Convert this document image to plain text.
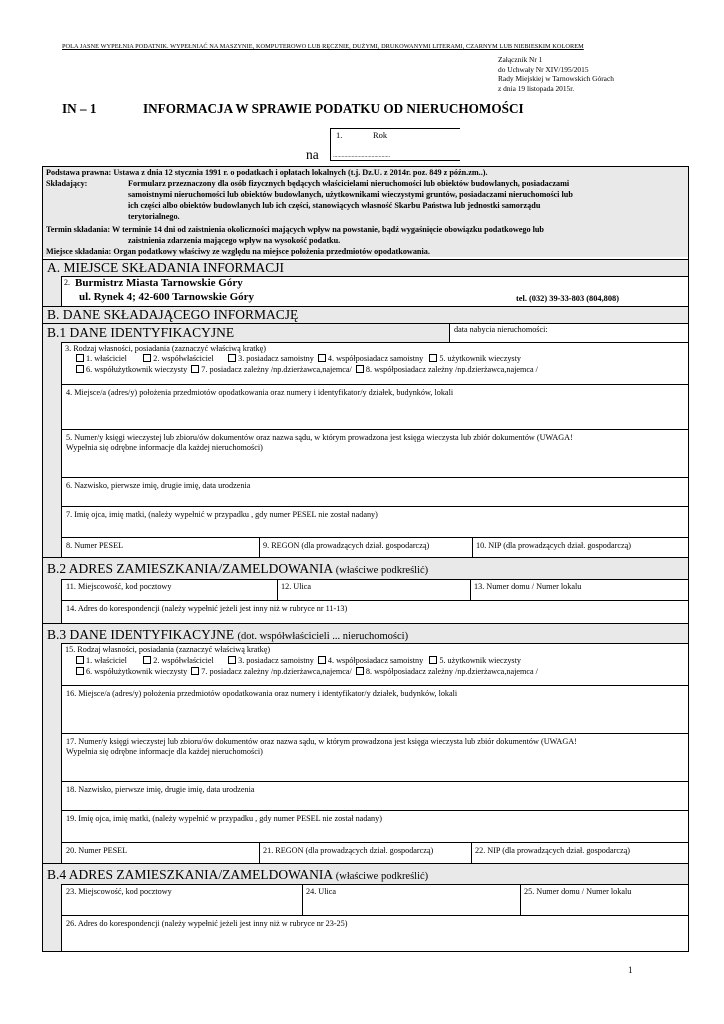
POLA JASNE WYPEŁNIA PODATNIK. WYPEŁNIAĆ NA MASZYNIE, KOMPUTEROWO LUB RĘCZNIE, DUŻYMI, DRUKOWANYMI LITERAMI, CZARNYM LUB NIEBIESKIM KOLOREM
Załącznik Nr 1
do Uchwały Nr XIV/195/2015
Rady Miejskiej w Tarnowskich Górach
z dnia 19 listopada 2015r.
IN – 1	INFORMACJA W SPRAWIE PODATKU OD NIERUCHOMOŚCI
1.	Rok
........................................
na
Podstawa prawna: Ustawa z dnia 12 stycznia 1991 r. o podatkach i opłatach lokalnych (t.j. Dz.U. z 2014r. poz. 849 z późn.zm..).
Składający:	Formularz przeznaczony dla osób fizycznych będących właścicielami nieruchomości lub obiektów budowlanych, posiadaczami
samoistnymi nieruchomości lub obiektów budowlanych, użytkownikami wieczystymi gruntów, posiadaczami nieruchomości lub
ich części albo obiektów budowlanych lub ich części, stanowiących własność Skarbu Państwa lub jednostki samorządu
terytorialnego.
Termin składania: W terminie 14 dni od zaistnienia okoliczności mających wpływ na powstanie, bądź wygaśnięcie obowiązku podatkowego lub
zaistnienia zdarzenia mającego wpływ na wysokość podatku.
Miejsce składania: Organ podatkowy właściwy ze względu na miejsce położenia przedmiotów opodatkowania.
A. MIEJSCE SKŁADANIA INFORMACJI
2. Burmistrz Miasta Tarnowskie Góry
ul. Rynek 4; 42-600 Tarnowskie Góry	tel. (032) 39-33-803 (804,808)
B. DANE SKŁADAJĄCEGO INFORMACJĘ
B.1 DANE IDENTYFIKACYJNE	data nabycia nieruchomości:
3. Rodzaj własności, posiadania (zaznaczyć właściwą kratkę)
1. właściciel	2. współwłaściciel	3. posiadacz samoistny 4. współposiadacz samoistny 5. użytkownik wieczysty
6. współużytkownik wieczysty 7. posiadacz zależny /np.dzierżawca,najemca/ 8. współposiadacz zależny /np.dzierżawca,najemca /
4. Miejsce/a (adres/y) położenia przedmiotów opodatkowania oraz numery i identyfikator/y działek, budynków, lokali
5. Numer/y księgi wieczystej lub zbioru/ów dokumentów oraz nazwa sądu, w którym prowadzona jest księga wieczysta lub zbiór dokumentów (UWAGA!
Wypełnia się odrębne informacje dla każdej nieruchomości)
6. Nazwisko, pierwsze imię, drugie imię, data urodzenia
7. Imię ojca, imię matki, (należy wypełnić w przypadku , gdy numer PESEL nie został nadany)
8. Numer PESEL	9. REGON (dla prowadzących dział. gospodarczą)	10. NIP (dla prowadzących dział. gospodarczą)
B.2 ADRES ZAMIESZKANIA/ZAMELDOWANIA (właściwe podkreślić)
11. Miejscowość, kod pocztowy	12. Ulica	13. Numer domu / Numer lokalu
14. Adres do korespondencji (należy wypełnić jeżeli jest inny niż w rubryce nr 11-13)
B.3 DANE IDENTYFIKACYJNE (dot. współwłaścicieli ... nieruchomości)
15. Rodzaj własności, posiadania (zaznaczyć właściwą kratkę)
1. właściciel	2. współwłaściciel	3. posiadacz samoistny 4. współposiadacz samoistny 5. użytkownik wieczysty
6. współużytkownik wieczysty 7. posiadacz zależny /np.dzierżawca,najemca/ 8. współposiadacz zależny /np.dzierżawca,najemca /
16. Miejsce/a (adres/y) położenia przedmiotów opodatkowania oraz numery i identyfikator/y działek, budynków, lokali
17. Numer/y księgi wieczystej lub zbioru/ów dokumentów oraz nazwa sądu, w którym prowadzona jest księga wieczysta lub zbiór dokumentów (UWAGA!
Wypełnia się odrębne informacje dla każdej nieruchomości)
18. Nazwisko, pierwsze imię, drugie imię, data urodzenia
19. Imię ojca, imię matki, (należy wypełnić w przypadku , gdy numer PESEL nie został nadany)
20. Numer PESEL	21. REGON (dla prowadzących dział. gospodarczą)	22. NIP (dla prowadzących dział. gospodarczą)
B.4 ADRES ZAMIESZKANIA/ZAMELDOWANIA (właściwe podkreślić)
23. Miejscowość, kod pocztowy	24. Ulica	25. Numer domu / Numer lokalu
26. Adres do korespondencji (należy wypełnić jeżeli jest inny niż w rubryce nr 23-25)
1
